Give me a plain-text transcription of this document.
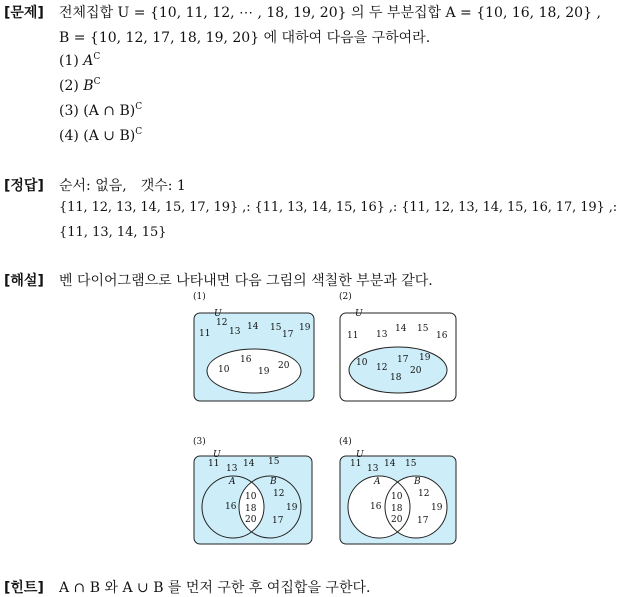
[문제] 전체집합 U = {10, 11, 12, ⋯ , 18, 19, 20} 의 두 부분집합 A = {10, 16, 18, 20} ,
B = {10, 12, 17, 18, 19, 20} 에 대하여 다음을 구하여라.
(1) $A^C$
(2) $B^C$
(3) (A ∩ B)$^C$
(4) (A ∪ B)$^C$
[정답] 순서: 없음,　갯수: 1
{11, 12, 13, 14, 15, 17, 19} ,: {11, 13, 14, 15, 16} ,: {11, 12, 13, 14, 15, 16, 17, 19} ,:
{11, 13, 14, 15}
[해설] 벤 다이어그램으로 나타내면 다음 그림의 색칠한 부분과 같다.
(1)
U
12
11 13 14 15
17
19
16
10	19
20
(2)
U
11 13
14 15
16
10 12
17 19
18
20
(3)
U
A	B
11 13 14 15
16
10
18
20
12
19
17
(4)
U
A	B
11 13 14 15
16
10
18
20
12
19
17
[힌트] A ∩ B 와 A ∪ B 를 먼저 구한 후 여집합을 구한다.
